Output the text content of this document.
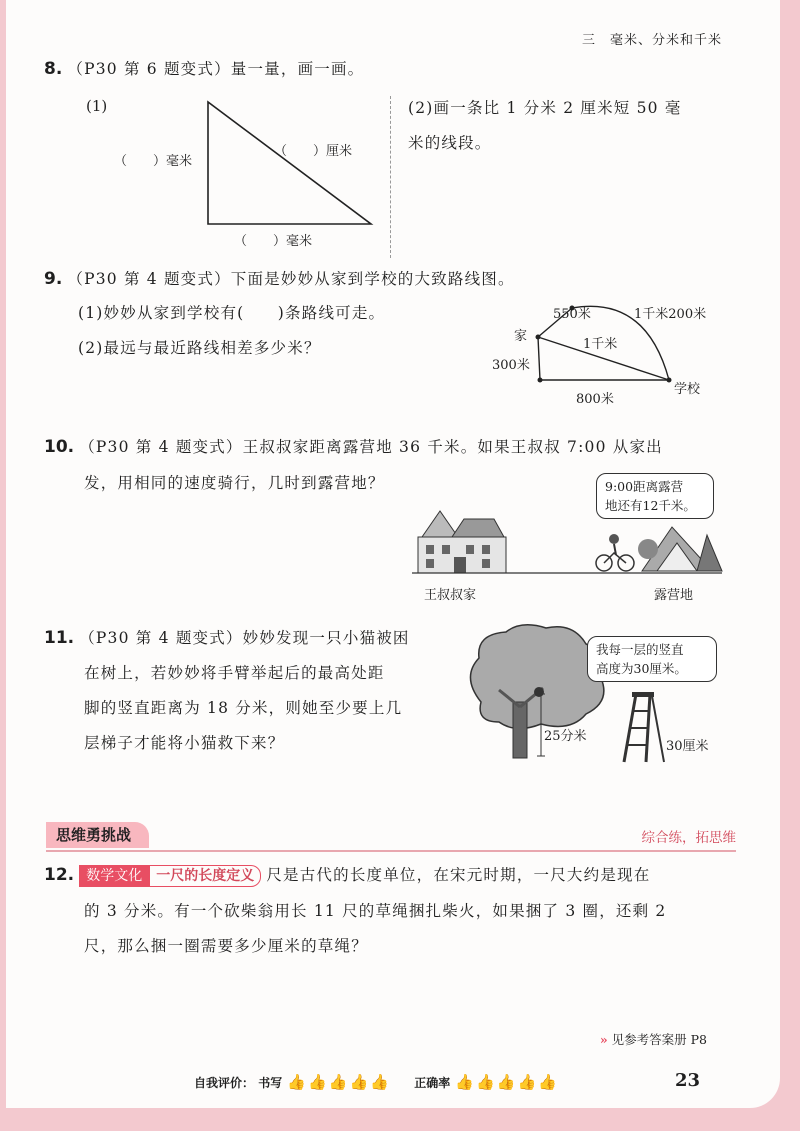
三　毫米、分米和千米
8. （P30 第 6 题变式）量一量，画一画。
(1)
（　　）毫米
（　　）厘米
（　　）毫米
(2)画一条比 1 分米 2 厘米短 50 毫
米的线段。
9. （P30 第 4 题变式）下面是妙妙从家到学校的大致路线图。
(1)妙妙从家到学校有(　　)条路线可走。
(2)最远与最近路线相差多少米？
550米	1千米200米
家
1千米
300米
800米
学校
10. （P30 第 4 题变式）王叔叔家距离露营地 36 千米。如果王叔叔 7:00 从家出
发，用相同的速度骑行，几时到露营地？	9:00距离露营
地还有12千米。
王叔叔家	露营地
11. （P30 第 4 题变式）妙妙发现一只小猫被困
在树上，若妙妙将手臂举起后的最高处距
脚的竖直距离为 18 分米，则她至少要上几
层梯子才能将小猫救下来？	25分米
我每一层的竖直
高度为30厘米。
30厘米
思维勇挑战	综合练，拓思维
12. 数学文化 一尺的长度定义 尺是古代的长度单位，在宋元时期，一尺大约是现在
的 3 分米。有一个砍柴翁用长 11 尺的草绳捆扎柴火，如果捆了 3 圈，还剩 2
尺，那么捆一圈需要多少厘米的草绳？
» 见参考答案册 P8
自我评价： 书写 👍 👍 👍 👍 👍 正确率 👍 👍 👍 👍 👍	23
